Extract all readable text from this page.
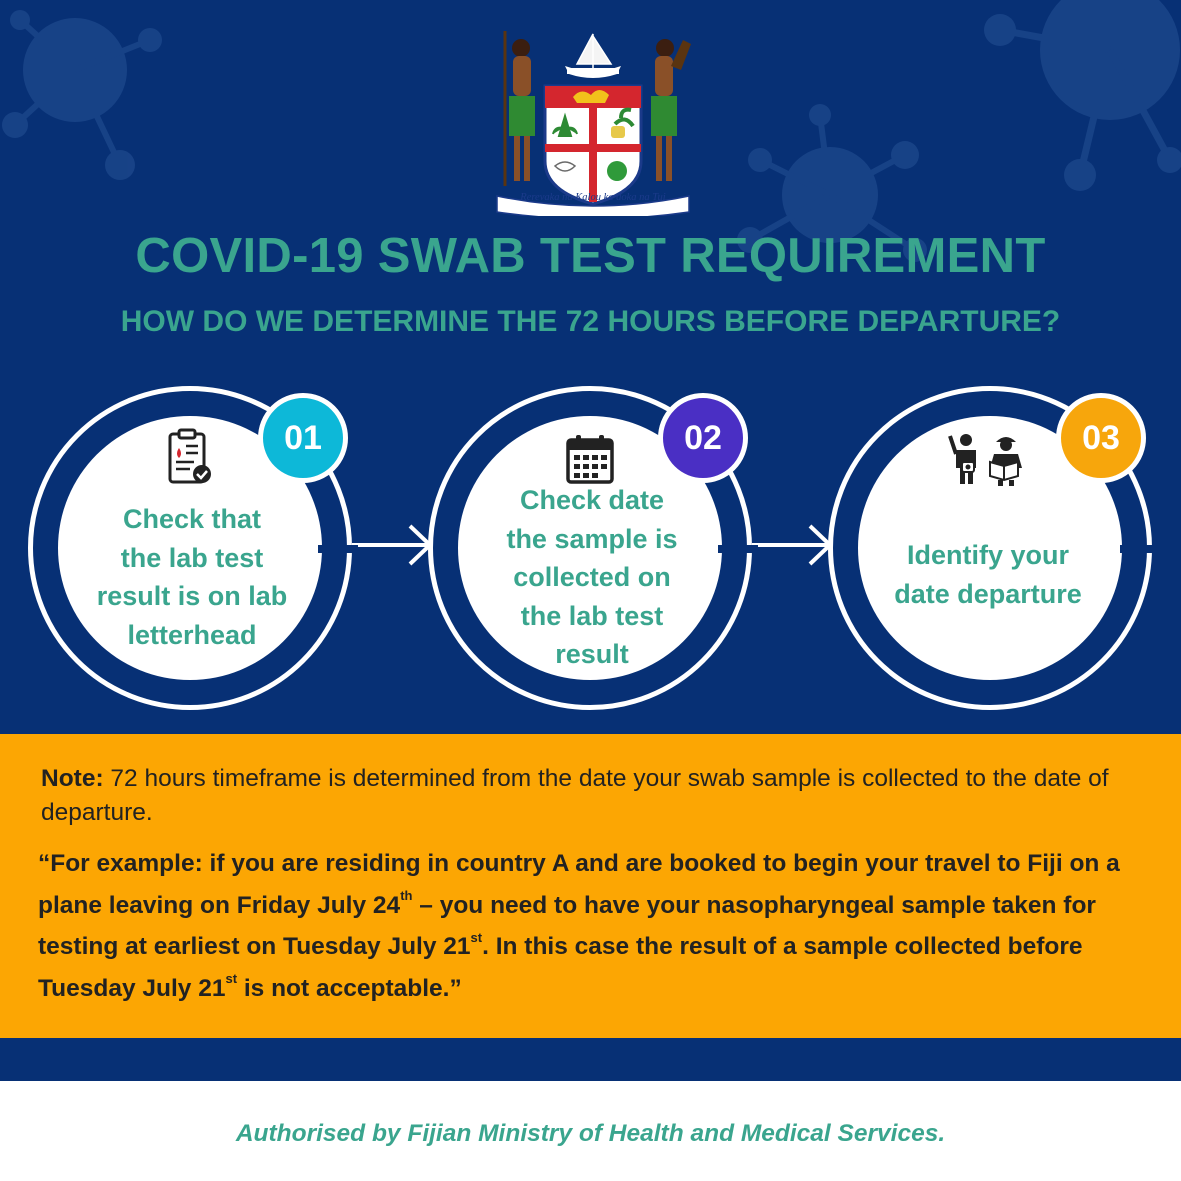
Rerevaka na Kalou ka doka na Tui
COVID-19 SWAB TEST REQUIREMENT
HOW DO WE DETERMINE THE 72 HOURS BEFORE DEPARTURE?
01
Check that
the lab test
result is on lab
letterhead
02
Check date
the sample is
collected on
the lab test
result
03
Identify your
date departure
Note: 72 hours timeframe is determined from the date your swab sample is collected to the date of departure.
“For example: if you are residing in country A and are booked to begin your travel to Fiji on a plane leaving on Friday July 24th – you need to have your nasopharyngeal sample taken for testing at earliest on Tuesday July 21st. In this case the result of a sample collected before Tuesday July 21st is not acceptable.”
Authorised by Fijian Ministry of Health and Medical Services.
